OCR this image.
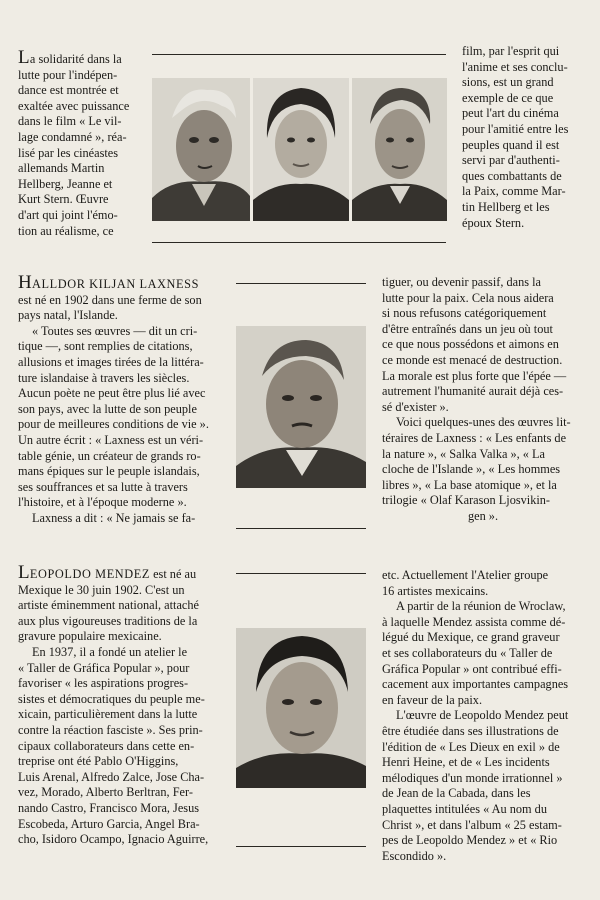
La solidarité dans la

lutte pour l'indépen-

dance est montrée et

exaltée avec puissance

dans le film « Le vil-

lage condamné », réa-

lisé par les cinéastes

allemands Martin

Hellberg, Jeanne et

Kurt Stern. Œuvre

d'art qui joint l'émo-

tion au réalisme, ce

film, par l'esprit qui

l'anime et ses conclu-

sions, est un grand

exemple de ce que

peut l'art du cinéma

pour l'amitié entre les

peuples quand il est

servi par d'authenti-

ques combattants de

la Paix, comme Mar-

tin Hellberg et les

époux Stern.

HALLDOR KILJAN LAXNESS

est né en 1902 dans une ferme de son

pays natal, l'Islande.

« Toutes ses œuvres — dit un cri-

tique —, sont remplies de citations,

allusions et images tirées de la littéra-

ture islandaise à travers les siècles.

Aucun poète ne peut être plus lié avec

son pays, avec la lutte de son peuple

pour de meilleures conditions de vie ».

Un autre écrit : « Laxness est un véri-

table génie, un créateur de grands ro-

mans épiques sur le peuple islandais,

ses souffrances et sa lutte à travers

l'histoire, et à l'époque moderne ».

Laxness a dit : « Ne jamais se fa-

tiguer, ou devenir passif, dans la

lutte pour la paix. Cela nous aidera

si nous refusons catégoriquement

d'être entraînés dans un jeu où tout

ce que nous possédons et aimons en

ce monde est menacé de destruction.

La morale est plus forte que l'épée —

autrement l'humanité aurait déjà ces-

sé d'exister ».

Voici quelques-unes des œuvres lit-

téraires de Laxness : « Les enfants de

la nature », « Salka Valka », « La

cloche de l'Islande », « Les hommes

libres », « La base atomique », et la

trilogie « Olaf Karason Ljosvikin-

gen ».

LEOPOLDO MENDEZ est né au

Mexique le 30 juin 1902. C'est un

artiste éminemment national, attaché

aux plus vigoureuses traditions de la

gravure populaire mexicaine.

En 1937, il a fondé un atelier le

« Taller de Gráfica Popular », pour

favoriser « les aspirations progres-

sistes et démocratiques du peuple me-

xicain, particulièrement dans la lutte

contre la réaction fasciste ». Ses prin-

cipaux collaborateurs dans cette en-

treprise ont été Pablo O'Higgins,

Luis Arenal, Alfredo Zalce, Jose Cha-

vez, Morado, Alberto Berltran, Fer-

nando Castro, Francisco Mora, Jesus

Escobeda, Arturo Garcia, Angel Bra-

cho, Isidoro Ocampo, Ignacio Aguirre,

etc. Actuellement l'Atelier groupe

16 artistes mexicains.

A partir de la réunion de Wroclaw,

à laquelle Mendez assista comme dé-

légué du Mexique, ce grand graveur

et ses collaborateurs du « Taller de

Gráfica Popular » ont contribué effi-

cacement aux importantes campagnes

en faveur de la paix.

L'œuvre de Leopoldo Mendez peut

être étudiée dans ses illustrations de

l'édition de « Les Dieux en exil » de

Henri Heine, et de « Les incidents

mélodiques d'un monde irrationnel »

de Jean de la Cabada, dans les

plaquettes intitulées « Au nom du

Christ », et dans l'album « 25 estam-

pes de Leopoldo Mendez » et « Rio

Escondido ».
